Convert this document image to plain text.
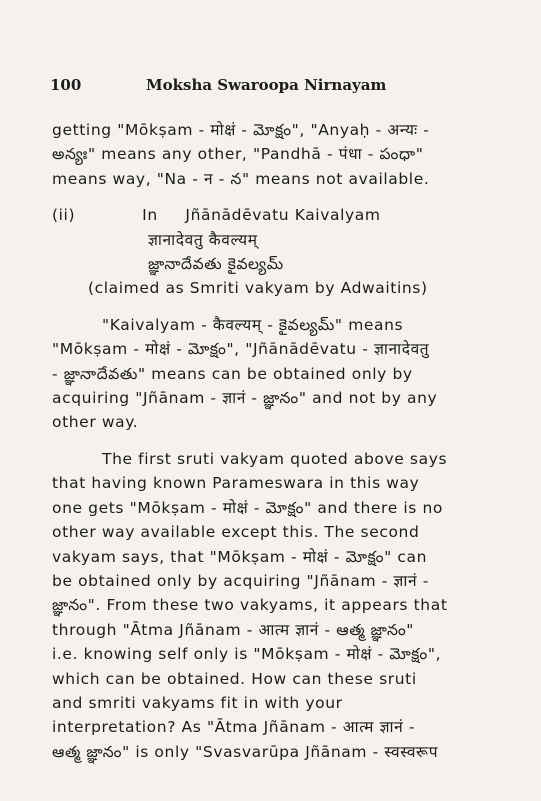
100	Moksha Swaroopa Nirnayam
getting "Mōkṣam - मोक्षं - మోక్షం", "Anyaḥ - अन्यः -
అన్యః" means any other, "Pandhā - पंधा - పంధా"
means way, "Na - न - న" means not available.
(ii)	In Jñānādēvatu Kaivalyam
ज्ञानादेवतु कैवल्यम्
జ్ఞానాదేవతు కైవల్యమ్
(claimed as Smriti vakyam by Adwaitins)
"Kaivalyam - कैवल्यम् - కైవల్యమ్" means
"Mōkṣam - मोक्षं - మోక్షం", "Jñānādēvatu - ज्ञानादेवतु
- జ్ఞానాదేవతు" means can be obtained only by
acquiring "Jñānam - ज्ञानं - జ్ఞానం" and not by any
other way.
The first sruti vakyam quoted above says
that having known Parameswara in this way
one gets "Mōkṣam - मोक्षं - మోక్షం" and there is no
other way available except this. The second
vakyam says, that "Mōkṣam - मोक्षं - మోక్షం" can
be obtained only by acquiring "Jñānam - ज्ञानं -
జ్ఞానం". From these two vakyams, it appears that
through "Ātma Jñānam - आत्म ज्ञानं - ఆత్మ జ్ఞానం"
i.e. knowing self only is "Mōkṣam - मोक्षं - మోక్షం",
which can be obtained. How can these sruti
and smriti vakyams fit in with your
interpretation? As "Ātma Jñānam - आत्म ज्ञानं -
ఆత్మ జ్ఞానం" is only "Svasvarūpa Jñānam - स्वस्वरूप
